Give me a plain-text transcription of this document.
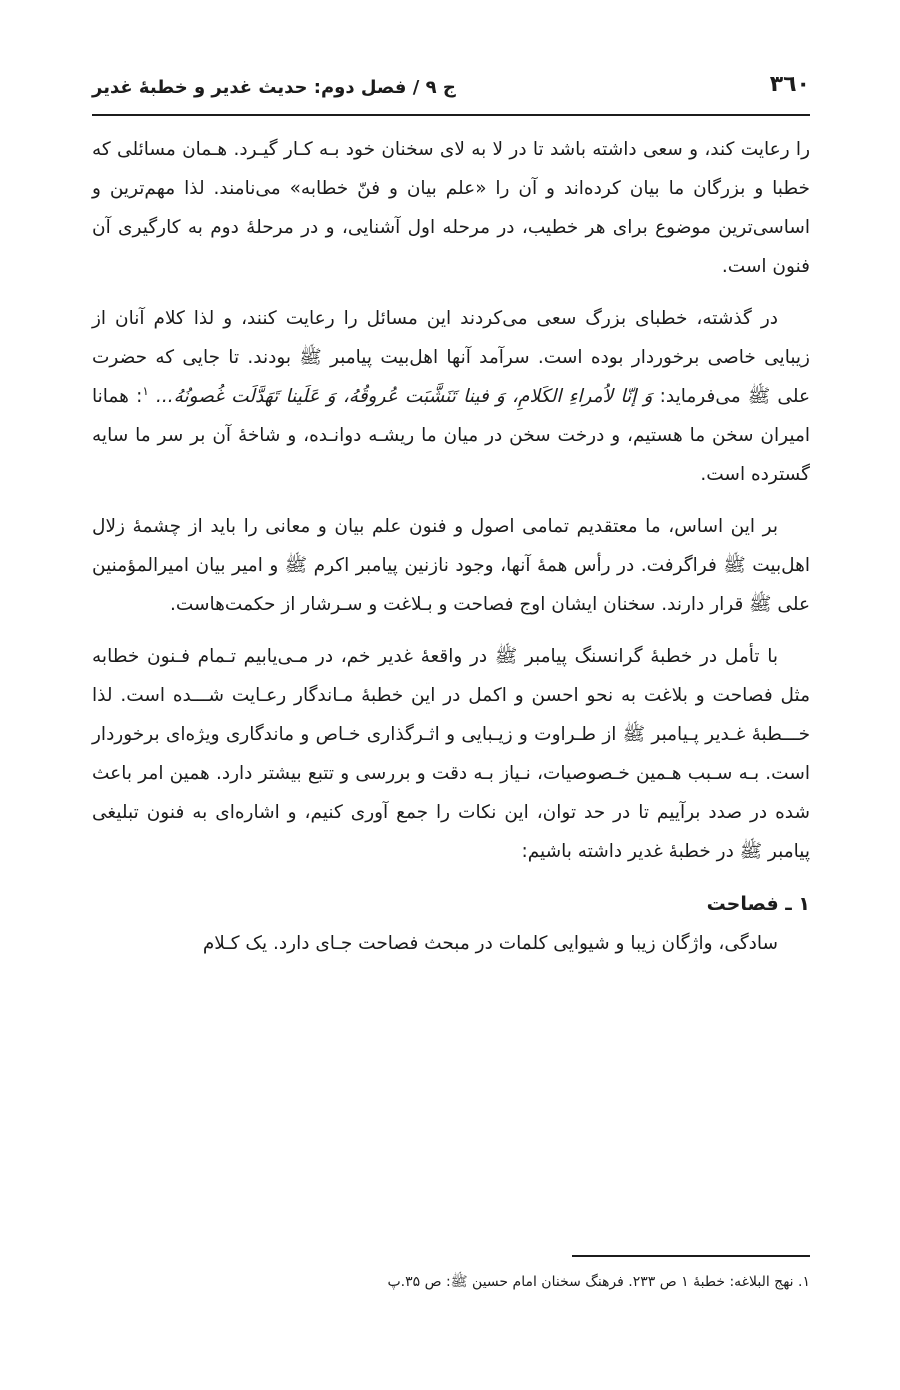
٣٦٠
ج ۹ / فصل دوم: حدیث غدیر و خطبۀ غدیر

را رعایت کند، و سعی داشته باشد تا در لا به لای سخنان خود بـه کـار گیـرد. هـمان مسائلی که خطبا و بزرگان ما بیان کرده‌اند و آن را «علم بیان و فنّ خطابه» می‌نامند. لذا مهم‌ترین و اساسی‌ترین موضوع برای هر خطیب، در مرحله اول آشنایی، و در مرحلۀ دوم به کارگیری آن فنون است.

در گذشته، خطبای بزرگ سعی می‌کردند این مسائل را رعایت کنند، و لذا کلام آنان از زیبایی خاصی برخوردار بوده است. سرآمد آنها اهل‌بیت پیامبر ﷺ بودند. تا جایی که حضرت علی ﷺ می‌فرماید: وَ إنّا لاُمراءِ الكَلامِ، وَ فینا تَنَشَّبَت عُروقُهُ، وَ عَلَینا تَهَدَّلَت غُصونُهُ... $^۱$: همانا امیران سخن ما هستیم، و درخت سخن در میان ما ریشـه دوانـده، و شاخۀ آن بر سر ما سایه گسترده است.

بر این اساس، ما معتقدیم تمامی اصول و فنون علم بیان و معانی را باید از چشمۀ زلال اهل‌بیت ﷺ فراگرفت. در رأس همۀ آنها، وجود نازنین پیامبر اکرم ﷺ و امیر بیان امیرالمؤمنین علی ﷺ قرار دارند. سخنان ایشان اوج فصاحت و بـلاغت و سـرشار از حکمت‌هاست.

با تأمل در خطبۀ گرانسنگ پیامبر ﷺ در واقعۀ غدیر خم، در مـی‌یابیم تـمام فـنون خطابه مثل فصاحت و بلاغت به نحو احسن و اکمل در این خطبۀ مـاندگار رعـایت شـــده است. لذا خـــطبۀ غـدیر پـیامبر ﷺ از طـراوت و زیـبایی و اثـرگذاری خـاص و ماندگاری ویژه‌ای برخوردار است. بـه سـبب هـمین خـصوصیات، نـیاز بـه دقت و بررسی و تتبع بیشتر دارد. همین امر باعث شده در صدد برآییم تا در حد توان، این نکات را جمع آوری کنیم، و اشاره‌ای به فنون تبلیغی پیامبر ﷺ در خطبۀ غدیر داشته باشیم:

۱ ـ فصاحت

سادگی، واژگان زیبا و شیوایی کلمات در مبحث فصاحت جـای دارد. یک کـلام

۱. نهج البلاغه: خطبۀ ۱ ص ۲۳۳. فرهنگ سخنان امام حسین ﷺ: ص ۳۵.پ
